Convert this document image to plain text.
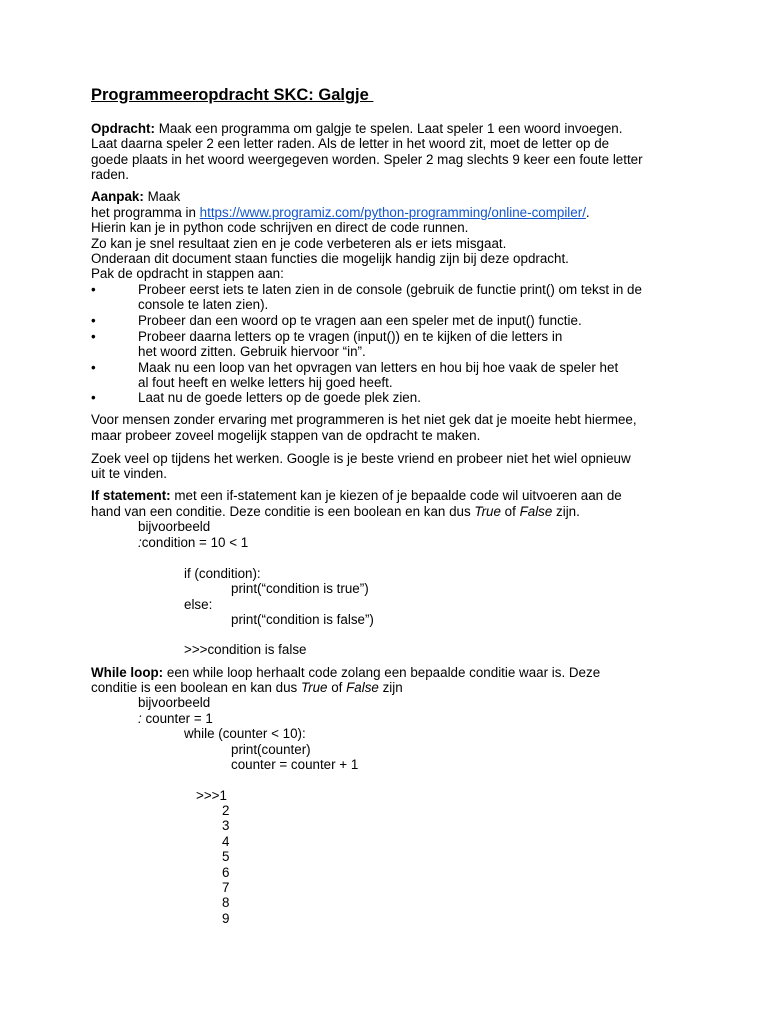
Programmeeropdracht SKC: Galgje
Opdracht: Maak een programma om galgje te spelen. Laat speler 1 een woord invoegen.
Laat daarna speler 2 een letter raden. Als de letter in het woord zit, moet de letter op de
goede plaats in het woord weergegeven worden. Speler 2 mag slechts 9 keer een foute letter
raden.
Aanpak: Maak
het programma in https://www.programiz.com/python-programming/online-compiler/.
Hierin kan je in python code schrijven en direct de code runnen.
Zo kan je snel resultaat zien en je code verbeteren als er iets misgaat.
Onderaan dit document staan functies die mogelijk handig zijn bij deze opdracht.
Pak de opdracht in stappen aan:
•	Probeer eerst iets te laten zien in de console (gebruik de functie print() om tekst in de
console te laten zien).
•	Probeer dan een woord op te vragen aan een speler met de input() functie.
•	Probeer daarna letters op te vragen (input()) en te kijken of die letters in
het woord zitten. Gebruik hiervoor “in”.
•	Maak nu een loop van het opvragen van letters en hou bij hoe vaak de speler het
al fout heeft en welke letters hij goed heeft.
•	Laat nu de goede letters op de goede plek zien.
Voor mensen zonder ervaring met programmeren is het niet gek dat je moeite hebt hiermee,
maar probeer zoveel mogelijk stappen van de opdracht te maken.
Zoek veel op tijdens het werken. Google is je beste vriend en probeer niet het wiel opnieuw
uit te vinden.
If statement: met een if-statement kan je kiezen of je bepaalde code wil uitvoeren aan de
hand van een conditie. Deze conditie is een boolean en kan dus True of False zijn.
bijvoorbeeld
:condition = 10 < 1
if (condition):
print(“condition is true”)
else:
print(“condition is false”)
>>>condition is false
While loop: een while loop herhaalt code zolang een bepaalde conditie waar is. Deze
conditie is een boolean en kan dus True of False zijn
bijvoorbeeld
: counter = 1
while (counter < 10):
print(counter)
counter = counter + 1
>>>1
2
3
4
5
6
7
8
9
